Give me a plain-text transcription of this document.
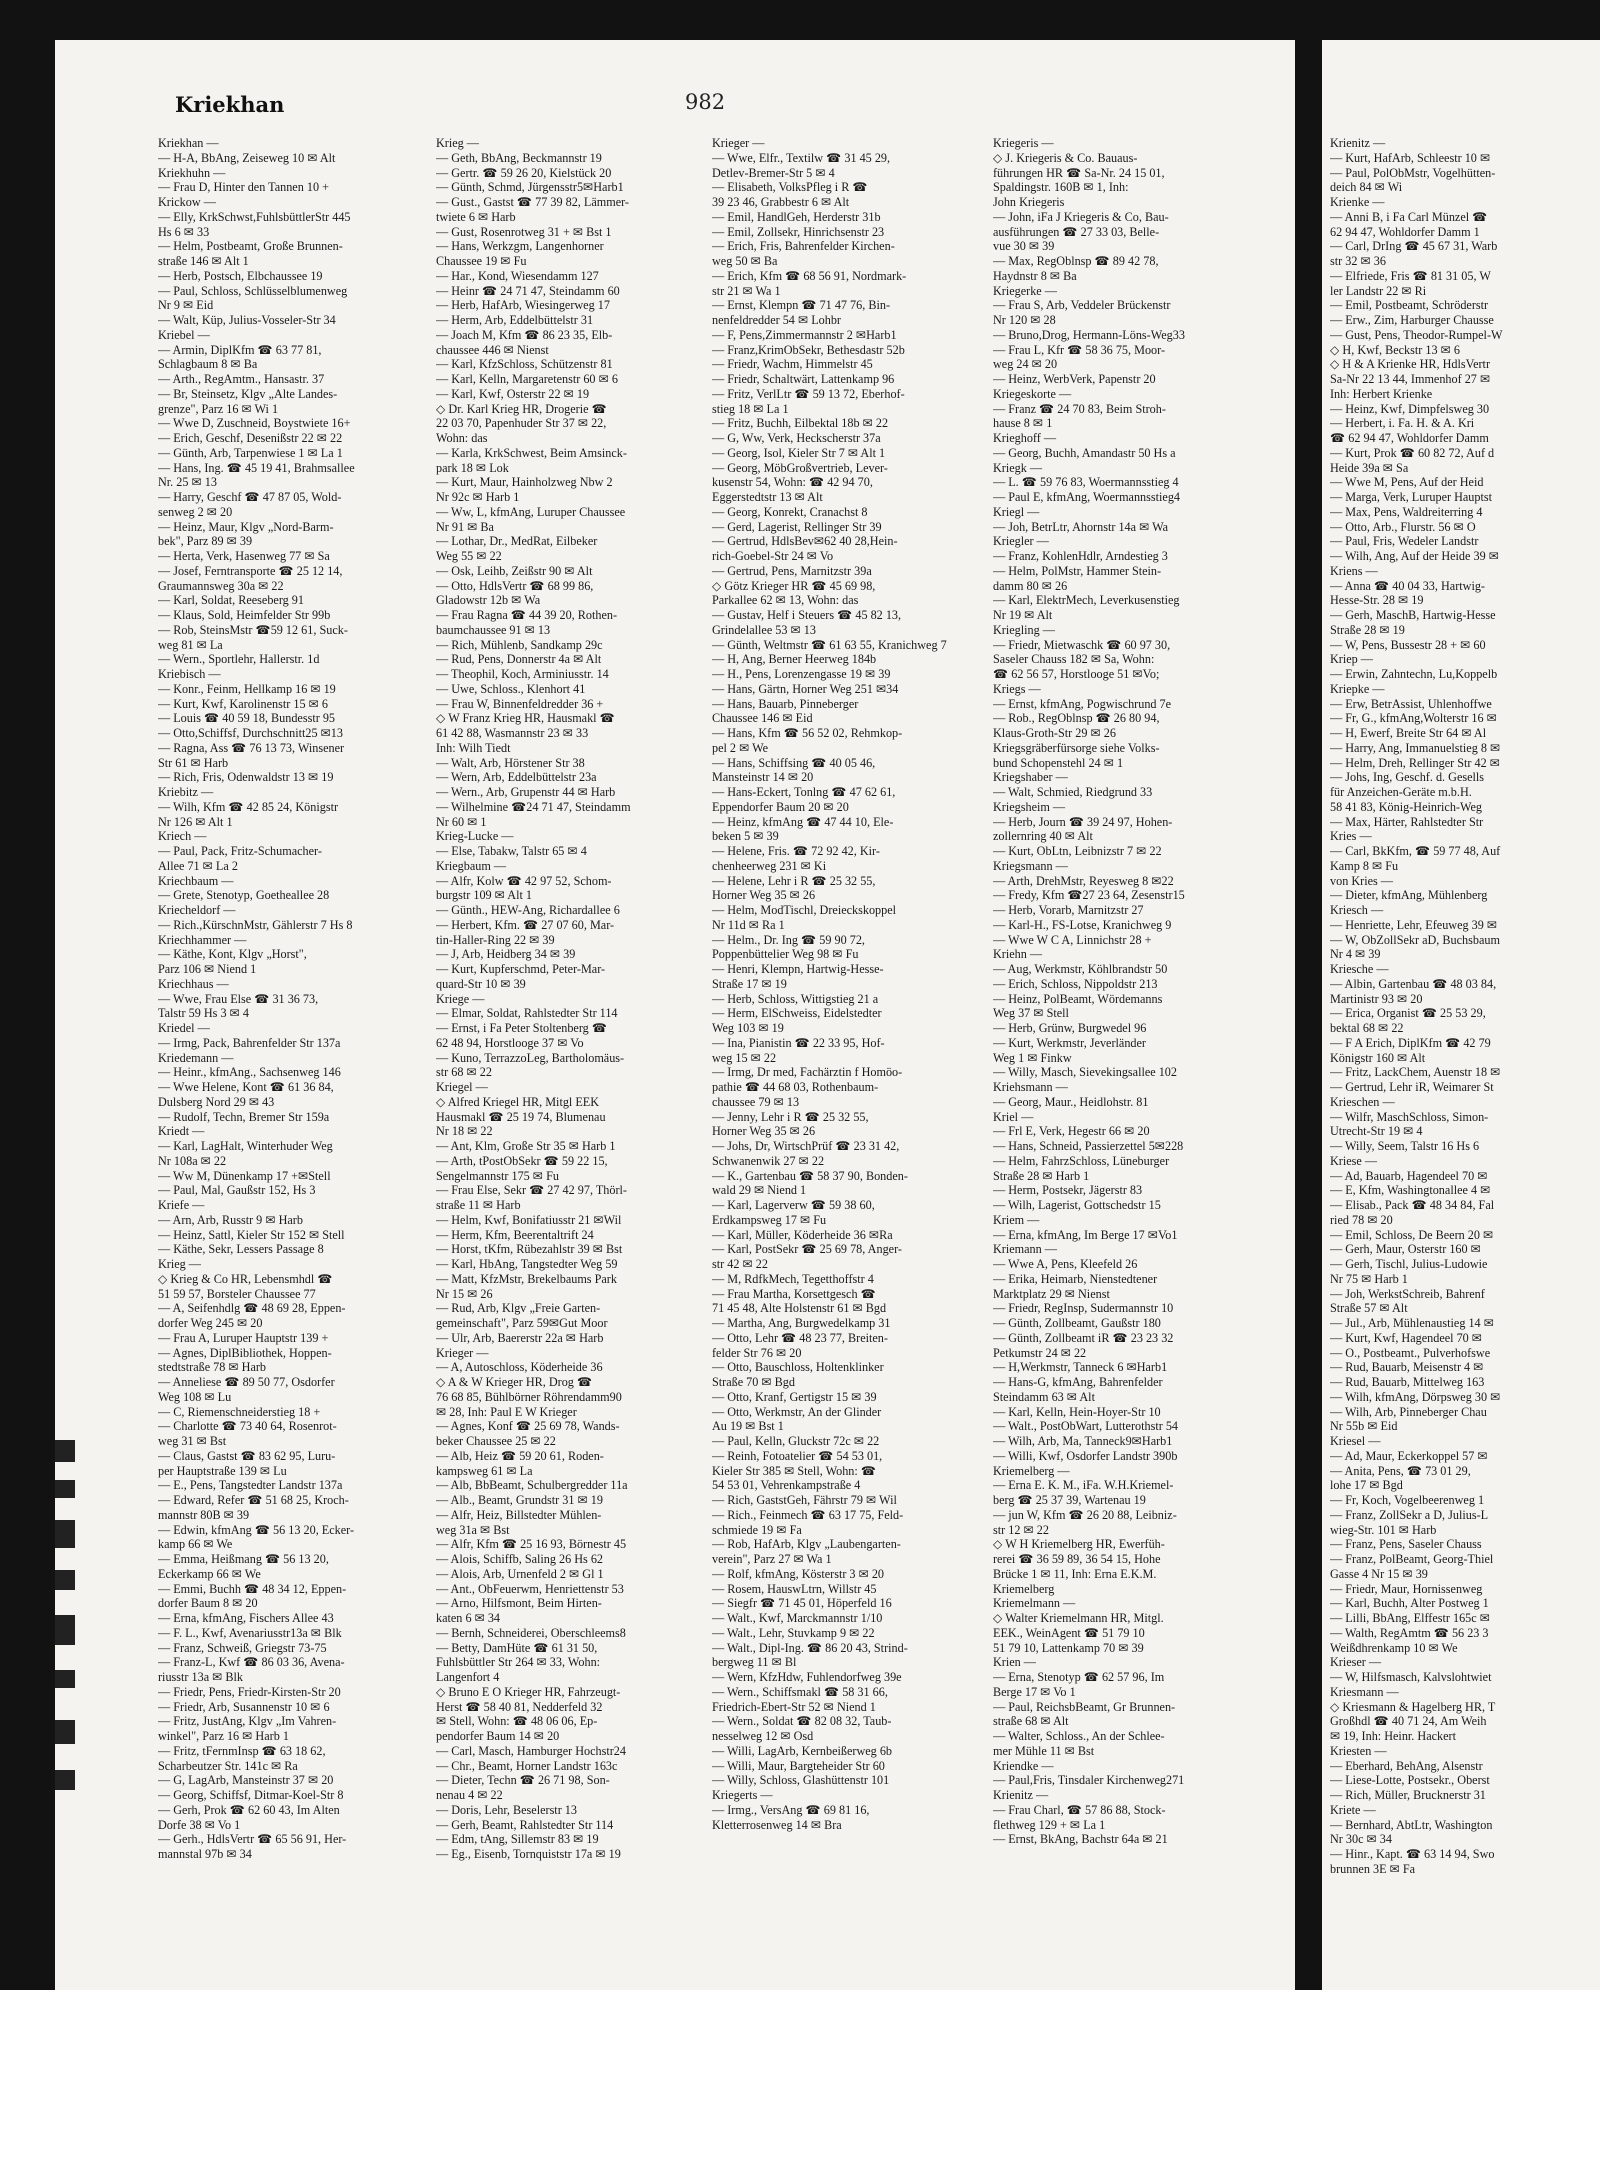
Kriekhan	982
Kriekhan —
— H-A, BbAng, Zeiseweg 10 ✉ Alt
Kriekhuhn —
— Frau D, Hinter den Tannen 10 +
Krickow —
— Elly, KrkSchwst,FuhlsbüttlerStr 445
Hs 6 ✉ 33
— Helm, Postbeamt, Große Brunnen-
straße 146 ✉ Alt 1
— Herb, Postsch, Elbchaussee 19
— Paul, Schloss, Schlüsselblumenweg
Nr 9 ✉ Eid
— Walt, Küp, Julius-Vosseler-Str 34
Kriebel —
— Armin, DiplKfm ☎ 63 77 81,
Schlagbaum 8 ✉ Ba
— Arth., RegAmtm., Hansastr. 37
— Br, Steinsetz, Klgv „Alte Landes-
grenze", Parz 16 ✉ Wi 1
— Wwe D, Zuschneid, Boystwiete 16+
— Erich, Geschf, Desenißstr 22 ✉ 22
— Günth, Arb, Tarpenwiese 1 ✉ La 1
— Hans, Ing. ☎ 45 19 41, Brahmsallee
Nr. 25 ✉ 13
— Harry, Geschf ☎ 47 87 05, Wold-
senweg 2 ✉ 20
— Heinz, Maur, Klgv „Nord-Barm-
bek", Parz 89 ✉ 39
— Herta, Verk, Hasenweg 77 ✉ Sa
— Josef, Ferntransporte ☎ 25 12 14,
Graumannsweg 30a ✉ 22
— Karl, Soldat, Reeseberg 91
— Klaus, Sold, Heimfelder Str 99b
— Rob, SteinsMstr ☎59 12 61, Suck-
weg 81 ✉ La
— Wern., Sportlehr, Hallerstr. 1d
Kriebisch —
— Konr., Feinm, Hellkamp 16 ✉ 19
— Kurt, Kwf, Karolinenstr 15 ✉ 6
— Louis ☎ 40 59 18, Bundesstr 95
— Otto,Schiffsf, Durchschnitt25 ✉13
— Ragna, Ass ☎ 76 13 73, Winsener
Str 61 ✉ Harb
— Rich, Fris, Odenwaldstr 13 ✉ 19
Kriebitz —
— Wilh, Kfm ☎ 42 85 24, Königstr
Nr 126 ✉ Alt 1
Kriech —
— Paul, Pack, Fritz-Schumacher-
Allee 71 ✉ La 2
Kriechbaum —
— Grete, Stenotyp, Goetheallee 28
Kriecheldorf —
— Rich.,KürschnMstr, Gählerstr 7 Hs 8
Kriechhammer —
— Käthe, Kont, Klgv „Horst",
Parz 106 ✉ Niend 1
Kriechhaus —
— Wwe, Frau Else ☎ 31 36 73,
Talstr 59 Hs 3 ✉ 4
Kriedel —
— Irmg, Pack, Bahrenfelder Str 137a
Kriedemann —
— Heinr., kfmAng., Sachsenweg 146
— Wwe Helene, Kont ☎ 61 36 84,
Dulsberg Nord 29 ✉ 43
— Rudolf, Techn, Bremer Str 159a
Kriedt —
— Karl, LagHalt, Winterhuder Weg
Nr 108a ✉ 22
— Ww M, Dünenkamp 17 +✉Stell
— Paul, Mal, Gaußstr 152, Hs 3
Kriefe —
— Arn, Arb, Russtr 9 ✉ Harb
— Heinz, Sattl, Kieler Str 152 ✉ Stell
— Käthe, Sekr, Lessers Passage 8
Krieg —
◇ Krieg & Co HR, Lebensmhdl ☎
51 59 57, Borsteler Chaussee 77
— A, Seifenhdlg ☎ 48 69 28, Eppen-
dorfer Weg 245 ✉ 20
— Frau A, Luruper Hauptstr 139 +
— Agnes, DiplBibliothek, Hoppen-
stedtstraße 78 ✉ Harb
— Anneliese ☎ 89 50 77, Osdorfer
Weg 108 ✉ Lu
— C, Riemenschneiderstieg 18 +
— Charlotte ☎ 73 40 64, Rosenrot-
weg 31 ✉ Bst
— Claus, Gastst ☎ 83 62 95, Luru-
per Hauptstraße 139 ✉ Lu
— E., Pens, Tangstedter Landstr 137a
— Edward, Refer ☎ 51 68 25, Kroch-
mannstr 80B ✉ 39
— Edwin, kfmAng ☎ 56 13 20, Ecker-
kamp 66 ✉ We
— Emma, Heißmang ☎ 56 13 20,
Eckerkamp 66 ✉ We
— Emmi, Buchh ☎ 48 34 12, Eppen-
dorfer Baum 8 ✉ 20
— Erna, kfmAng, Fischers Allee 43
— F. L., Kwf, Avenariusstr13a ✉ Blk
— Franz, Schweiß, Griegstr 73-75
— Franz-L, Kwf ☎ 86 03 36, Avena-
riusstr 13a ✉ Blk
— Friedr, Pens, Friedr-Kirsten-Str 20
— Friedr, Arb, Susannenstr 10 ✉ 6
— Fritz, JustAng, Klgv „Im Vahren-
winkel", Parz 16 ✉ Harb 1
— Fritz, tFernmInsp ☎ 63 18 62,
Scharbeutzer Str. 141c ✉ Ra
— G, LagArb, Mansteinstr 37 ✉ 20
— Georg, Schiffsf, Ditmar-Koel-Str 8
— Gerh, Prok ☎ 62 60 43, Im Alten
Dorfe 38 ✉ Vo 1
— Gerh., HdlsVertr ☎ 65 56 91, Her-
mannstal 97b ✉ 34
Krieg —
— Geth, BbAng, Beckmannstr 19
— Gertr. ☎ 59 26 20, Kielstück 20
— Günth, Schmd, Jürgensstr5✉Harb1
— Gust., Gastst ☎ 77 39 82, Lämmer-
twiete 6 ✉ Harb
— Gust, Rosenrotweg 31 + ✉ Bst 1
— Hans, Werkzgm, Langenhorner
Chaussee 19 ✉ Fu
— Har., Kond, Wiesendamm 127
— Heinr ☎ 24 71 47, Steindamm 60
— Herb, HafArb, Wiesingerweg 17
— Herm, Arb, Eddelbüttelstr 31
— Joach M, Kfm ☎ 86 23 35, Elb-
chaussee 446 ✉ Nienst
— Karl, KfzSchloss, Schützenstr 81
— Karl, Kelln, Margaretenstr 60 ✉ 6
— Karl, Kwf, Osterstr 22 ✉ 19
◇ Dr. Karl Krieg HR, Drogerie ☎
22 03 70, Papenhuder Str 37 ✉ 22,
Wohn: das
— Karla, KrkSchwest, Beim Amsinck-
park 18 ✉ Lok
— Kurt, Maur, Hainholzweg Nbw 2
Nr 92c ✉ Harb 1
— Ww, L, kfmAng, Luruper Chaussee
Nr 91 ✉ Ba
— Lothar, Dr., MedRat, Eilbeker
Weg 55 ✉ 22
— Osk, Leihb, Zeißstr 90 ✉ Alt
— Otto, HdlsVertr ☎ 68 99 86,
Gladowstr 12b ✉ Wa
— Frau Ragna ☎ 44 39 20, Rothen-
baumchaussee 91 ✉ 13
— Rich, Mühlenb, Sandkamp 29c
— Rud, Pens, Donnerstr 4a ✉ Alt
— Theophil, Koch, Arminiusstr. 14
— Uwe, Schloss., Klenhort 41
— Frau W, Binnenfeldredder 36 +
◇ W Franz Krieg HR, Hausmakl ☎
61 42 88, Wasmannstr 23 ✉ 33
Inh: Wilh Tiedt
— Walt, Arb, Hörstener Str 38
— Wern, Arb, Eddelbüttelstr 23a
— Wern., Arb, Grupenstr 44 ✉ Harb
— Wilhelmine ☎24 71 47, Steindamm
Nr 60 ✉ 1
Krieg-Lucke —
— Else, Tabakw, Talstr 65 ✉ 4
Kriegbaum —
— Alfr, Kolw ☎ 42 97 52, Schom-
burgstr 109 ✉ Alt 1
— Günth., HEW-Ang, Richardallee 6
— Herbert, Kfm. ☎ 27 07 60, Mar-
tin-Haller-Ring 22 ✉ 39
— J, Arb, Heidberg 34 ✉ 39
— Kurt, Kupferschmd, Peter-Mar-
quard-Str 10 ✉ 39
Kriege —
— Elmar, Soldat, Rahlstedter Str 114
— Ernst, i Fa Peter Stoltenberg ☎
62 48 94, Horstlooge 37 ✉ Vo
— Kuno, TerrazzoLeg, Bartholomäus-
str 68 ✉ 22
Kriegel —
◇ Alfred Kriegel HR, Mitgl EEK
Hausmakl ☎ 25 19 74, Blumenau
Nr 18 ✉ 22
— Ant, Klm, Große Str 35 ✉ Harb 1
— Arth, tPostObSekr ☎ 59 22 15,
Sengelmannstr 175 ✉ Fu
— Frau Else, Sekr ☎ 27 42 97, Thörl-
straße 11 ✉ Harb
— Helm, Kwf, Bonifatiusstr 21 ✉Wil
— Herm, Kfm, Beerentaltrift 24
— Horst, tKfm, Rübezahlstr 39 ✉ Bst
— Karl, HbAng, Tangstedter Weg 59
— Matt, KfzMstr, Brekelbaums Park
Nr 15 ✉ 26
— Rud, Arb, Klgv „Freie Garten-
gemeinschaft", Parz 59✉Gut Moor
— Ulr, Arb, Baererstr 22a ✉ Harb
Krieger —
— A, Autoschloss, Köderheide 36
◇ A & W Krieger HR, Drog ☎
76 68 85, Bühlbörner Röhrendamm90
✉ 28, Inh: Paul E W Krieger
— Agnes, Konf ☎ 25 69 78, Wands-
beker Chaussee 25 ✉ 22
— Alb, Heiz ☎ 59 20 61, Roden-
kampsweg 61 ✉ La
— Alb, BbBeamt, Schulbergredder 11a
— Alb., Beamt, Grundstr 31 ✉ 19
— Alfr, Heiz, Billstedter Mühlen-
weg 31a ✉ Bst
— Alfr, Kfm ☎ 25 16 93, Börnestr 45
— Alois, Schiffb, Saling 26 Hs 62
— Alois, Arb, Urnenfeld 2 ✉ Gl 1
— Ant., ObFeuerwm, Henriettenstr 53
— Arno, Hilfsmont, Beim Hirten-
katen 6 ✉ 34
— Bernh, Schneiderei, Oberschleems8
— Betty, DamHüte ☎ 61 31 50,
Fuhlsbüttler Str 264 ✉ 33, Wohn:
Langenfort 4
◇ Bruno E O Krieger HR, Fahrzeugt-
Herst ☎ 58 40 81, Nedderfeld 32
✉ Stell, Wohn: ☎ 48 06 06, Ep-
pendorfer Baum 14 ✉ 20
— Carl, Masch, Hamburger Hochstr24
— Chr., Beamt, Horner Landstr 163c
— Dieter, Techn ☎ 26 71 98, Son-
nenau 4 ✉ 22
— Doris, Lehr, Beselerstr 13
— Gerh, Beamt, Rahlstedter Str 114
— Edm, tAng, Sillemstr 83 ✉ 19
— Eg., Eisenb, Tornquiststr 17a ✉ 19
Krieger —
— Wwe, Elfr., Textilw ☎ 31 45 29,
Detlev-Bremer-Str 5 ✉ 4
— Elisabeth, VolksPfleg i R ☎
39 23 46, Grabbestr 6 ✉ Alt
— Emil, HandlGeh, Herderstr 31b
— Emil, Zollsekr, Hinrichsenstr 23
— Erich, Fris, Bahrenfelder Kirchen-
weg 50 ✉ Ba
— Erich, Kfm ☎ 68 56 91, Nordmark-
str 21 ✉ Wa 1
— Ernst, Klempn ☎ 71 47 76, Bin-
nenfeldredder 54 ✉ Lohbr
— F, Pens,Zimmermannstr 2 ✉Harb1
— Franz,KrimObSekr, Bethesdastr 52b
— Friedr, Wachm, Himmelstr 45
— Friedr, Schaltwärt, Lattenkamp 96
— Fritz, VerlLtr ☎ 59 13 72, Eberhof-
stieg 18 ✉ La 1
— Fritz, Buchh, Eilbektal 18b ✉ 22
— G, Ww, Verk, Heckscherstr 37a
— Georg, Isol, Kieler Str 7 ✉ Alt 1
— Georg, MöbGroßvertrieb, Lever-
kusenstr 54, Wohn: ☎ 42 94 70,
Eggerstedtstr 13 ✉ Alt
— Georg, Konrekt, Cranachst 8
— Gerd, Lagerist, Rellinger Str 39
— Gertrud, HdlsBev✉62 40 28,Hein-
rich-Goebel-Str 24 ✉ Vo
— Gertrud, Pens, Marnitzstr 39a
◇ Götz Krieger HR ☎ 45 69 98,
Parkallee 62 ✉ 13, Wohn: das
— Gustav, Helf i Steuers ☎ 45 82 13,
Grindelallee 53 ✉ 13
— Günth, Weltmstr ☎ 61 63 55, Kranichweg 7
— H, Ang, Berner Heerweg 184b
— H., Pens, Lorenzengasse 19 ✉ 39
— Hans, Gärtn, Horner Weg 251 ✉34
— Hans, Bauarb, Pinneberger
Chaussee 146 ✉ Eid
— Hans, Kfm ☎ 56 52 02, Rehmkop-
pel 2 ✉ We
— Hans, Schiffsing ☎ 40 05 46,
Mansteinstr 14 ✉ 20
— Hans-Eckert, Tonlng ☎ 47 62 61,
Eppendorfer Baum 20 ✉ 20
— Heinz, kfmAng ☎ 47 44 10, Ele-
beken 5 ✉ 39
— Helene, Fris. ☎ 72 92 42, Kir-
chenheerweg 231 ✉ Ki
— Helene, Lehr i R ☎ 25 32 55,
Horner Weg 35 ✉ 26
— Helm, ModTischl, Dreieckskoppel
Nr 11d ✉ Ra 1
— Helm., Dr. Ing ☎ 59 90 72,
Poppenbüttelier Weg 98 ✉ Fu
— Henri, Klempn, Hartwig-Hesse-
Straße 17 ✉ 19
— Herb, Schloss, Wittigstieg 21 a
— Herm, ElSchweiss, Eidelstedter
Weg 103 ✉ 19
— Ina, Pianistin ☎ 22 33 95, Hof-
weg 15 ✉ 22
— Irmg, Dr med, Fachärztin f Homöo-
pathie ☎ 44 68 03, Rothenbaum-
chaussee 79 ✉ 13
— Jenny, Lehr i R ☎ 25 32 55,
Horner Weg 35 ✉ 26
— Johs, Dr, WirtschPrüf ☎ 23 31 42,
Schwanenwik 27 ✉ 22
— K., Gartenbau ☎ 58 37 90, Bonden-
wald 29 ✉ Niend 1
— Karl, Lagerverw ☎ 59 38 60,
Erdkampsweg 17 ✉ Fu
— Karl, Müller, Köderheide 36 ✉Ra
— Karl, PostSekr ☎ 25 69 78, Anger-
str 42 ✉ 22
— M, RdfkMech, Tegetthoffstr 4
— Frau Martha, Korsettgesch ☎
71 45 48, Alte Holstenstr 61 ✉ Bgd
— Martha, Ang, Burgwedelkamp 31
— Otto, Lehr ☎ 48 23 77, Breiten-
felder Str 76 ✉ 20
— Otto, Bauschloss, Holtenklinker
Straße 70 ✉ Bgd
— Otto, Kranf, Gertigstr 15 ✉ 39
— Otto, Werkmstr, An der Glinder
Au 19 ✉ Bst 1
— Paul, Kelln, Gluckstr 72c ✉ 22
— Reinh, Fotoatelier ☎ 54 53 01,
Kieler Str 385 ✉ Stell, Wohn: ☎
54 53 01, Vehrenkampstraße 4
— Rich, GaststGeh, Fährstr 79 ✉ Wil
— Rich., Feinmech ☎ 63 17 75, Feld-
schmiede 19 ✉ Fa
— Rob, HafArb, Klgv „Laubengarten-
verein", Parz 27 ✉ Wa 1
— Rolf, kfmAng, Kösterstr 3 ✉ 20
— Rosem, HauswLtrn, Willstr 45
— Siegfr ☎ 71 45 01, Höperfeld 16
— Walt., Kwf, Marckmannstr 1/10
— Walt., Lehr, Stuvkamp 9 ✉ 22
— Walt., Dipl-Ing. ☎ 86 20 43, Strind-
bergweg 11 ✉ Bl
— Wern, KfzHdw, Fuhlendorfweg 39e
— Wern., Schiffsmakl ☎ 58 31 66,
Friedrich-Ebert-Str 52 ✉ Niend 1
— Wern., Soldat ☎ 82 08 32, Taub-
nesselweg 12 ✉ Osd
— Willi, LagArb, Kernbeißerweg 6b
— Willi, Maur, Bargteheider Str 60
— Willy, Schloss, Glashüttenstr 101
Kriegerts —
— Irmg., VersAng ☎ 69 81 16,
Kletterrosenweg 14 ✉ Bra
Kriegeris —
◇ J. Kriegeris & Co. Bauaus-
führungen HR ☎ Sa-Nr. 24 15 01,
Spaldingstr. 160B ✉ 1, Inh:
John Kriegeris
— John, iFa J Kriegeris & Co, Bau-
ausführungen ☎ 27 33 03, Belle-
vue 30 ✉ 39
— Max, RegOblnsp ☎ 89 42 78,
Haydnstr 8 ✉ Ba
Kriegerke —
— Frau S, Arb, Veddeler Brückenstr
Nr 120 ✉ 28
— Bruno,Drog, Hermann-Löns-Weg33
— Frau L, Kfr ☎ 58 36 75, Moor-
weg 24 ✉ 20
— Heinz, WerbVerk, Papenstr 20
Kriegeskorte —
— Franz ☎ 24 70 83, Beim Stroh-
hause 8 ✉ 1
Krieghoff —
— Georg, Buchh, Amandastr 50 Hs a
Kriegk —
— L. ☎ 59 76 83, Woermannsstieg 4
— Paul E, kfmAng, Woermannsstieg4
Kriegl —
— Joh, BetrLtr, Ahornstr 14a ✉ Wa
Kriegler —
— Franz, KohlenHdlr, Arndestieg 3
— Helm, PolMstr, Hammer Stein-
damm 80 ✉ 26
— Karl, ElektrMech, Leverkusenstieg
Nr 19 ✉ Alt
Kriegling —
— Friedr, Mietwaschk ☎ 60 97 30,
Saseler Chauss 182 ✉ Sa, Wohn:
☎ 62 56 57, Horstlooge 51 ✉Vo;
Kriegs —
— Ernst, kfmAng, Pogwischrund 7e
— Rob., RegOblnsp ☎ 26 80 94,
Klaus-Groth-Str 29 ✉ 26
Kriegsgräberfürsorge siehe Volks-
bund Schopenstehl 24 ✉ 1
Kriegshaber —
— Walt, Schmied, Riedgrund 33
Kriegsheim —
— Herb, Journ ☎ 39 24 97, Hohen-
zollernring 40 ✉ Alt
— Kurt, ObLtn, Leibnizstr 7 ✉ 22
Kriegsmann —
— Arth, DrehMstr, Reyesweg 8 ✉22
— Fredy, Kfm ☎27 23 64, Zesenstr15
— Herb, Vorarb, Marnitzstr 27
— Karl-H., FS-Lotse, Kranichweg 9
— Wwe W C A, Linnichstr 28 +
Kriehn —
— Aug, Werkmstr, Köhlbrandstr 50
— Erich, Schloss, Nippoldstr 213
— Heinz, PolBeamt, Wördemanns
Weg 37 ✉ Stell
— Herb, Grünw, Burgwedel 96
— Kurt, Werkmstr, Jeverländer
Weg 1 ✉ Finkw
— Willy, Masch, Sievekingsallee 102
Kriehsmann —
— Georg, Maur., Heidlohstr. 81
Kriel —
— Frl E, Verk, Hegestr 66 ✉ 20
— Hans, Schneid, Passierzettel 5✉228
— Helm, FahrzSchloss, Lüneburger
Straße 28 ✉ Harb 1
— Herm, Postsekr, Jägerstr 83
— Wilh, Lagerist, Gottschedstr 15
Kriem —
— Erna, kfmAng, Im Berge 17 ✉Vo1
Kriemann —
— Wwe A, Pens, Kleefeld 26
— Erika, Heimarb, Nienstedtener
Marktplatz 29 ✉ Nienst
— Friedr, RegInsp, Sudermannstr 10
— Günth, Zollbeamt, Gaußstr 180
— Günth, Zollbeamt iR ☎ 23 23 32
Petkumstr 24 ✉ 22
— H,Werkmstr, Tanneck 6 ✉Harb1
— Hans-G, kfmAng, Bahrenfelder
Steindamm 63 ✉ Alt
— Karl, Kelln, Hein-Hoyer-Str 10
— Walt., PostObWart, Lutterothstr 54
— Wilh, Arb, Ma, Tanneck9✉Harb1
— Willi, Kwf, Osdorfer Landstr 390b
Kriemelberg —
— Erna E. K. M., iFa. W.H.Kriemel-
berg ☎ 25 37 39, Wartenau 19
— jun W, Kfm ☎ 26 20 88, Leibniz-
str 12 ✉ 22
◇ W H Kriemelberg HR, Ewerfüh-
rerei ☎ 36 59 89, 36 54 15, Hohe
Brücke 1 ✉ 11, Inh: Erna E.K.M.
Kriemelberg
Kriemelmann —
◇ Walter Kriemelmann HR, Mitgl.
EEK., WeinAgent ☎ 51 79 10
51 79 10, Lattenkamp 70 ✉ 39
Krien —
— Erna, Stenotyp ☎ 62 57 96, Im
Berge 17 ✉ Vo 1
— Paul, ReichsbBeamt, Gr Brunnen-
straße 68 ✉ Alt
— Walter, Schloss., An der Schlee-
mer Mühle 11 ✉ Bst
Kriendke —
— Paul,Fris, Tinsdaler Kirchenweg271
Krienitz —
— Frau Charl, ☎ 57 86 88, Stock-
flethweg 129 + ✉ La 1
— Ernst, BkAng, Bachstr 64a ✉ 21
Krienitz —
— Kurt, HafArb, Schleestr 10 ✉
— Paul, PolObMstr, Vogelhütten-
deich 84 ✉ Wi
Krienke —
— Anni B, i Fa Carl Münzel ☎
62 94 47, Wohldorfer Damm 1
— Carl, DrIng ☎ 45 67 31, Warb
str 32 ✉ 36
— Elfriede, Fris ☎ 81 31 05, W
ler Landstr 22 ✉ Ri
— Emil, Postbeamt, Schröderstr
— Erw., Zim, Harburger Chausse
— Gust, Pens, Theodor-Rumpel-W
◇ H, Kwf, Beckstr 13 ✉ 6
◇ H & A Krienke HR, HdlsVertr
Sa-Nr 22 13 44, Immenhof 27 ✉
Inh: Herbert Krienke
— Heinz, Kwf, Dimpfelsweg 30
— Herbert, i. Fa. H. & A. Kri
☎ 62 94 47, Wohldorfer Damm
— Kurt, Prok ☎ 60 82 72, Auf d
Heide 39a ✉ Sa
— Wwe M, Pens, Auf der Heid
— Marga, Verk, Luruper Hauptst
— Max, Pens, Waldreiterring 4
— Otto, Arb., Flurstr. 56 ✉ O
— Paul, Fris, Wedeler Landstr
— Wilh, Ang, Auf der Heide 39 ✉
Kriens —
— Anna ☎ 40 04 33, Hartwig-
Hesse-Str. 28 ✉ 19
— Gerh, MaschB, Hartwig-Hesse
Straße 28 ✉ 19
— W, Pens, Bussestr 28 + ✉ 60
Kriep —
— Erwin, Zahntechn, Lu,Koppelb
Kriepke —
— Erw, BetrAssist, Uhlenhoffwe
— Fr, G., kfmAng,Wolterstr 16 ✉
— H, Ewerf, Breite Str 64 ✉ Al
— Harry, Ang, Immanuelstieg 8 ✉
— Helm, Dreh, Rellinger Str 42 ✉
— Johs, Ing, Geschf. d. Gesells
für Anzeichen-Geräte m.b.H.
58 41 83, König-Heinrich-Weg
— Max, Härter, Rahlstedter Str
Kries —
— Carl, BkKfm, ☎ 59 77 48, Auf
Kamp 8 ✉ Fu
von Kries —
— Dieter, kfmAng, Mühlenberg
Kriesch —
— Henriette, Lehr, Efeuweg 39 ✉
— W, ObZollSekr aD, Buchsbaum
Nr 4 ✉ 39
Kriesche —
— Albin, Gartenbau ☎ 48 03 84,
Martinistr 93 ✉ 20
— Erica, Organist ☎ 25 53 29,
bektal 68 ✉ 22
— F A Erich, DiplKfm ☎ 42 79
Königstr 160 ✉ Alt
— Fritz, LackChem, Auenstr 18 ✉
— Gertrud, Lehr iR, Weimarer St
Krieschen —
— Wilfr, MaschSchloss, Simon-
Utrecht-Str 19 ✉ 4
— Willy, Seem, Talstr 16 Hs 6
Kriese —
— Ad, Bauarb, Hagendeel 70 ✉
— E, Kfm, Washingtonallee 4 ✉
— Elisab., Pack ☎ 48 34 84, Fal
ried 78 ✉ 20
— Emil, Schloss, De Beern 20 ✉
— Gerh, Maur, Osterstr 160 ✉
— Gerh, Tischl, Julius-Ludowie
Nr 75 ✉ Harb 1
— Joh, WerkstSchreib, Bahrenf
Straße 57 ✉ Alt
— Jul., Arb, Mühlenaustieg 14 ✉
— Kurt, Kwf, Hagendeel 70 ✉
— O., Postbeamt., Pulverhofswe
— Rud, Bauarb, Meisenstr 4 ✉
— Rud, Bauarb, Mittelweg 163
— Wilh, kfmAng, Dörpsweg 30 ✉
— Wilh, Arb, Pinneberger Chau
Nr 55b ✉ Eid
Kriesel —
— Ad, Maur, Eckerkoppel 57 ✉
— Anita, Pens, ☎ 73 01 29,
lohe 17 ✉ Bgd
— Fr, Koch, Vogelbeerenweg 1
— Franz, ZollSekr a D, Julius-L
wieg-Str. 101 ✉ Harb
— Franz, Pens, Saseler Chauss
— Franz, PolBeamt, Georg-Thiel
Gasse 4 Nr 15 ✉ 39
— Friedr, Maur, Hornissenweg
— Karl, Buchh, Alter Postweg 1
— Lilli, BbAng, Elffestr 165c ✉
— Walth, RegAmtm ☎ 56 23 3
Weißdhrenkamp 10 ✉ We
Krieser —
— W, Hilfsmasch, Kalvslohtwiet
Kriesmann —
◇ Kriesmann & Hagelberg HR, T
Großhdl ☎ 40 71 24, Am Weih
✉ 19, Inh: Heinr. Hackert
Kriesten —
— Eberhard, BehAng, Alsenstr
— Liese-Lotte, Postsekr., Oberst
— Rich, Müller, Brucknerstr 31
Kriete —
— Bernhard, AbtLtr, Washington
Nr 30c ✉ 34
— Hinr., Kapt. ☎ 63 14 94, Swo
brunnen 3E ✉ Fa
